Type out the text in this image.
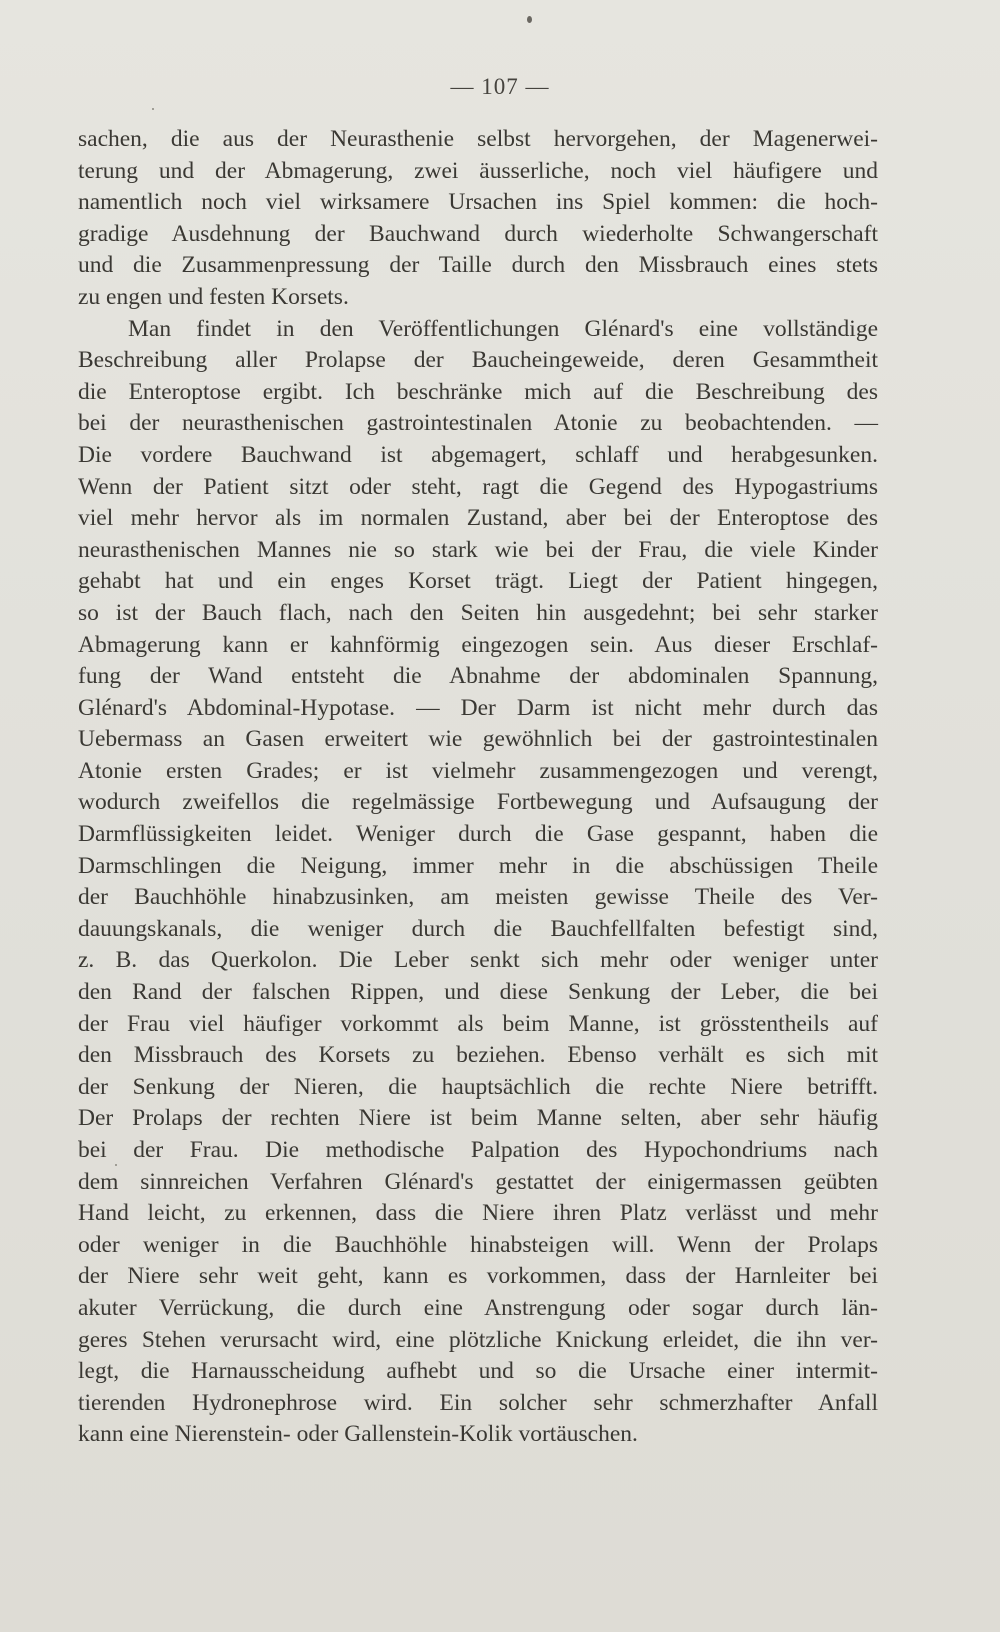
— 107 —
sachen, die aus der Neurasthenie selbst hervorgehen, der Magenerwei-
terung und der Abmagerung, zwei äusserliche, noch viel häufigere und
namentlich noch viel wirksamere Ursachen ins Spiel kommen: die hoch-
gradige Ausdehnung der Bauchwand durch wiederholte Schwangerschaft
und die Zusammenpressung der Taille durch den Missbrauch eines stets
zu engen und festen Korsets.
Man findet in den Veröffentlichungen Glénard's eine vollständige
Beschreibung aller Prolapse der Baucheingeweide, deren Gesammtheit
die Enteroptose ergibt. Ich beschränke mich auf die Beschreibung des
bei der neurasthenischen gastrointestinalen Atonie zu beobachtenden. —
Die vordere Bauchwand ist abgemagert, schlaff und herabgesunken.
Wenn der Patient sitzt oder steht, ragt die Gegend des Hypogastriums
viel mehr hervor als im normalen Zustand, aber bei der Enteroptose des
neurasthenischen Mannes nie so stark wie bei der Frau, die viele Kinder
gehabt hat und ein enges Korset trägt. Liegt der Patient hingegen,
so ist der Bauch flach, nach den Seiten hin ausgedehnt; bei sehr starker
Abmagerung kann er kahnförmig eingezogen sein. Aus dieser Erschlaf-
fung der Wand entsteht die Abnahme der abdominalen Spannung,
Glénard's Abdominal-Hypotase. — Der Darm ist nicht mehr durch das
Uebermass an Gasen erweitert wie gewöhnlich bei der gastrointestinalen
Atonie ersten Grades; er ist vielmehr zusammengezogen und verengt,
wodurch zweifellos die regelmässige Fortbewegung und Aufsaugung der
Darmflüssigkeiten leidet. Weniger durch die Gase gespannt, haben die
Darmschlingen die Neigung, immer mehr in die abschüssigen Theile
der Bauchhöhle hinabzusinken, am meisten gewisse Theile des Ver-
dauungskanals, die weniger durch die Bauchfellfalten befestigt sind,
z. B. das Querkolon. Die Leber senkt sich mehr oder weniger unter
den Rand der falschen Rippen, und diese Senkung der Leber, die bei
der Frau viel häufiger vorkommt als beim Manne, ist grösstentheils auf
den Missbrauch des Korsets zu beziehen. Ebenso verhält es sich mit
der Senkung der Nieren, die hauptsächlich die rechte Niere betrifft.
Der Prolaps der rechten Niere ist beim Manne selten, aber sehr häufig
bei der Frau. Die methodische Palpation des Hypochondriums nach
dem sinnreichen Verfahren Glénard's gestattet der einigermassen geübten
Hand leicht, zu erkennen, dass die Niere ihren Platz verlässt und mehr
oder weniger in die Bauchhöhle hinabsteigen will. Wenn der Prolaps
der Niere sehr weit geht, kann es vorkommen, dass der Harnleiter bei
akuter Verrückung, die durch eine Anstrengung oder sogar durch län-
geres Stehen verursacht wird, eine plötzliche Knickung erleidet, die ihn ver-
legt, die Harnausscheidung aufhebt und so die Ursache einer intermit-
tierenden Hydronephrose wird. Ein solcher sehr schmerzhafter Anfall
kann eine Nierenstein- oder Gallenstein-Kolik vortäuschen.
